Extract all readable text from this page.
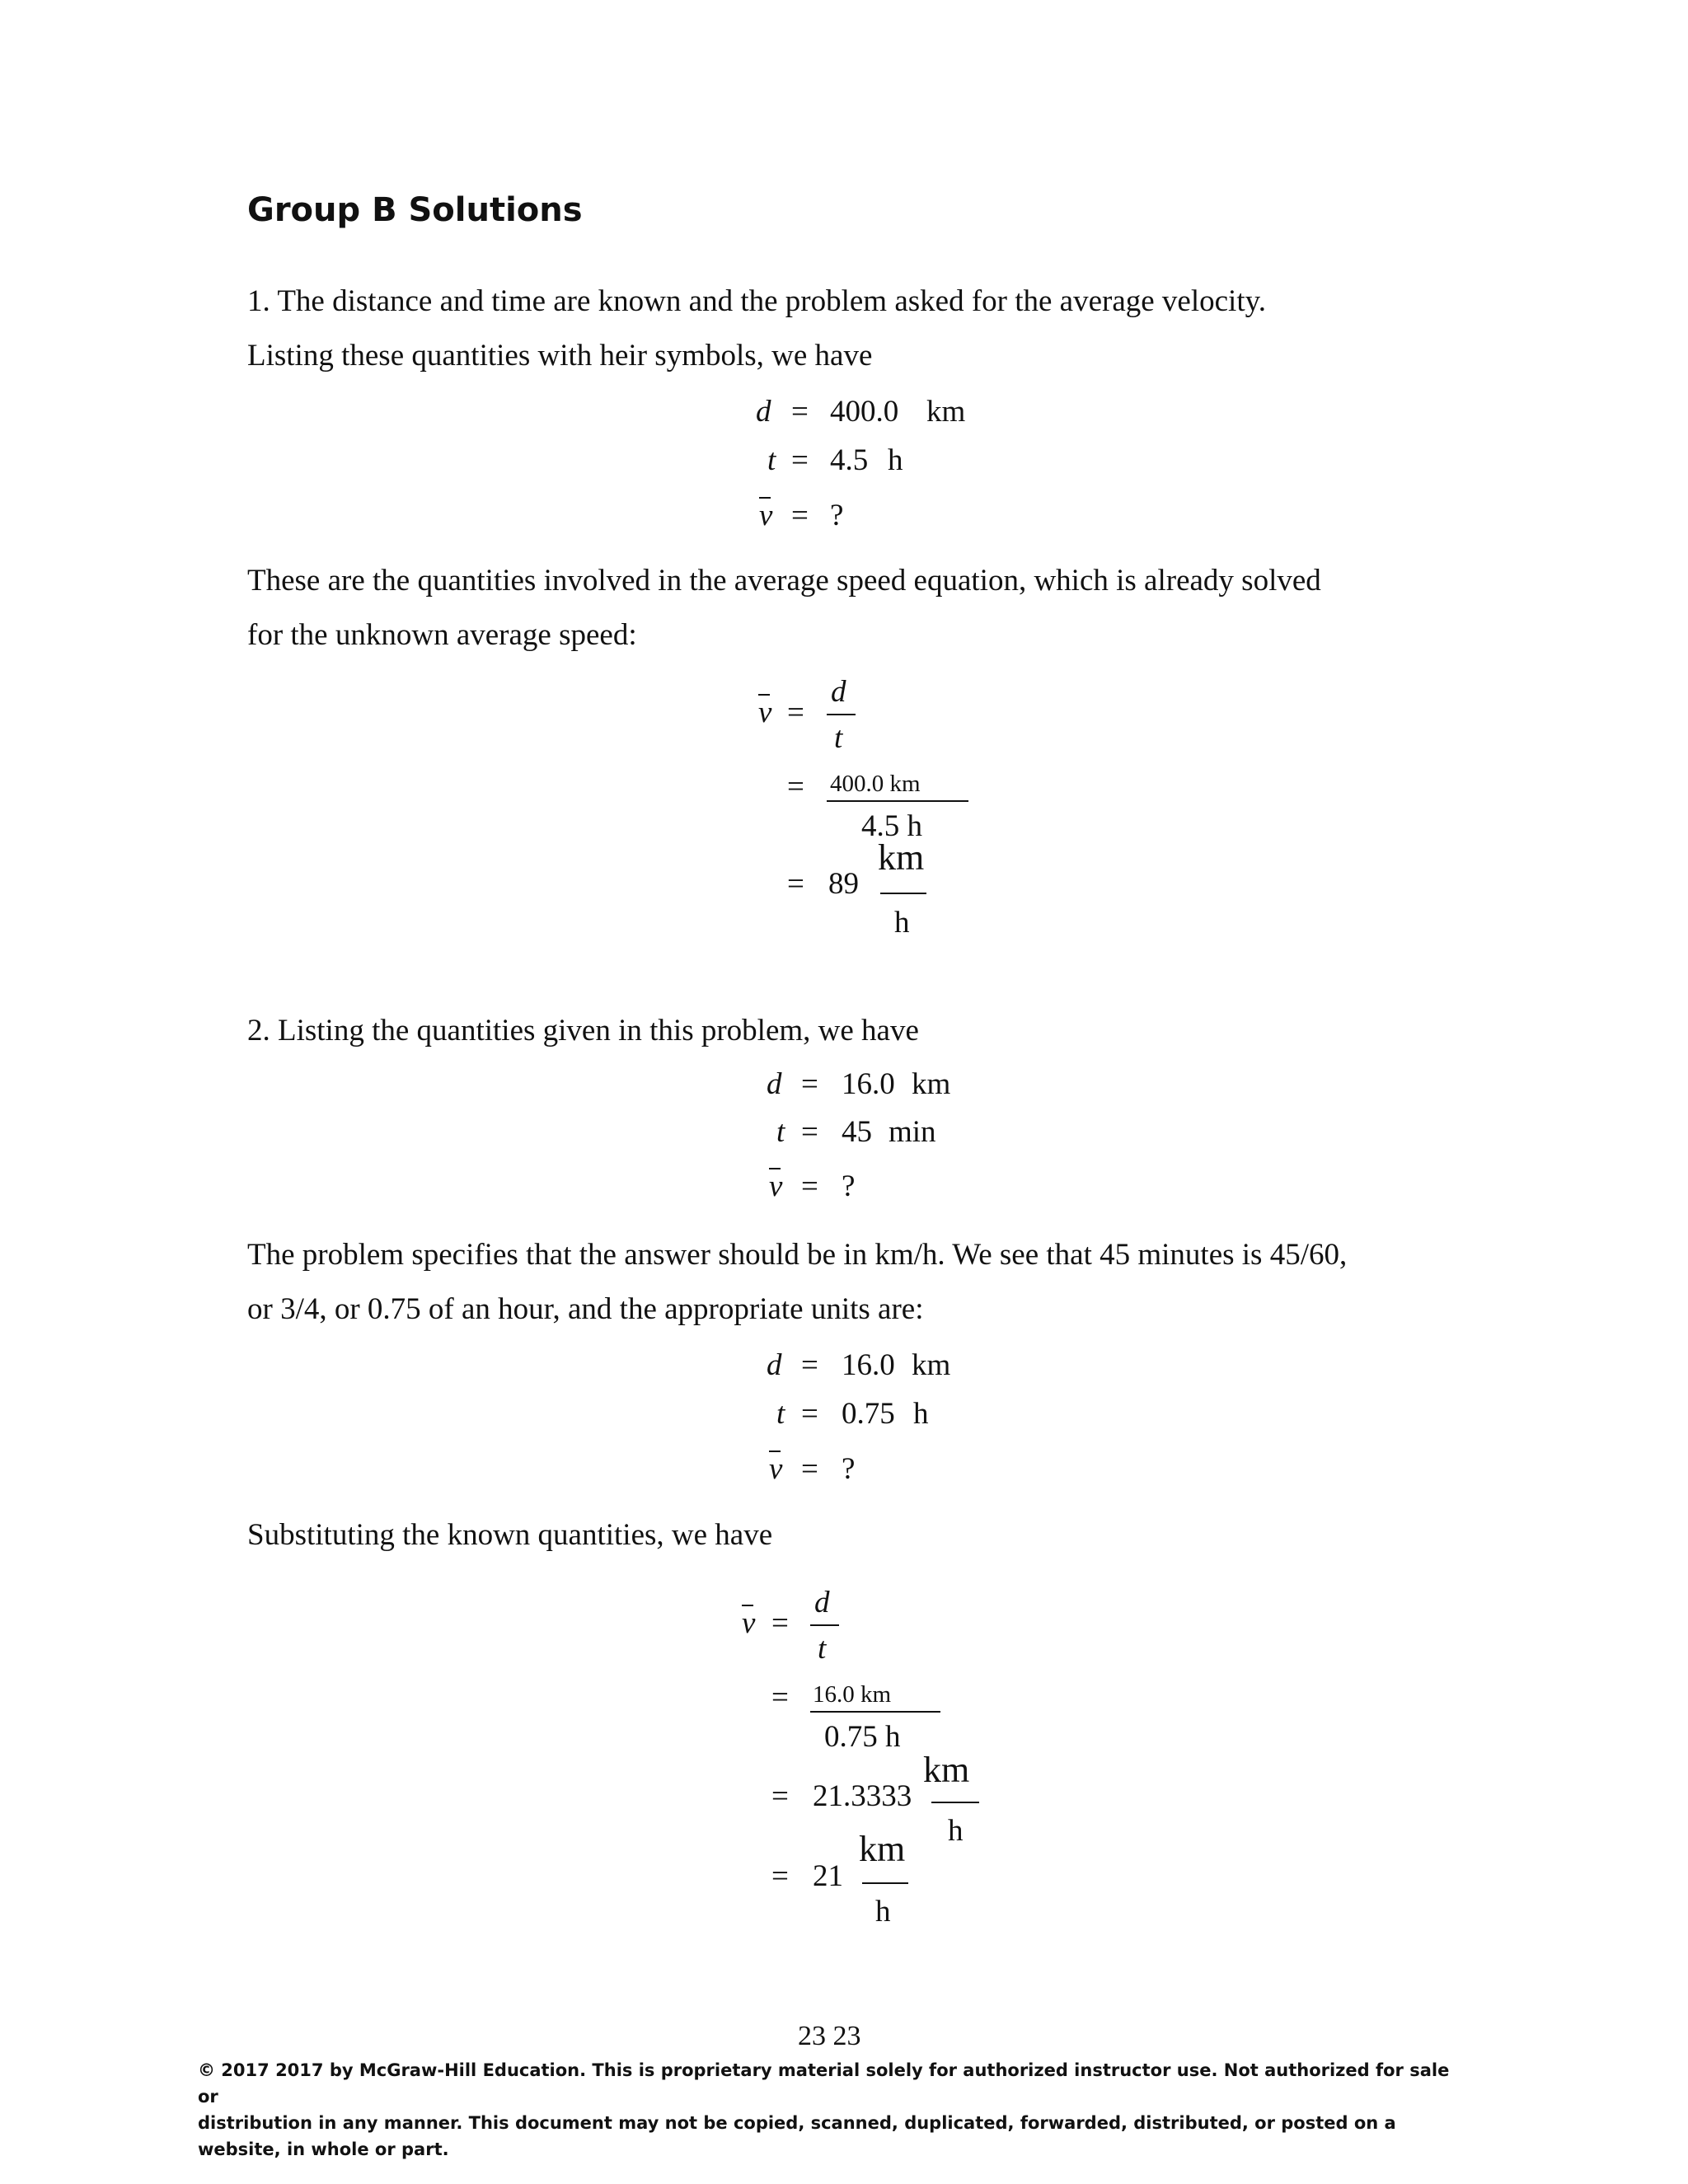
Group B Solutions
1. The distance and time are known and the problem asked for the average velocity.
Listing these quantities with heir symbols, we have
d = 400.0 km
t = 4.5 h
v = ?
These are the quantities involved in the average speed equation, which is already solved
for the unknown average speed:
v =
d
t
= 400.0 km
4.5 h
= 89
km
h
2. Listing the quantities given in this problem, we have
d = 16.0 km
t = 45 min
v = ?
The problem specifies that the answer should be in km/h. We see that 45 minutes is 45/60,
or 3/4, or 0.75 of an hour, and the appropriate units are:
d = 16.0 km
t = 0.75 h
v = ?
Substituting the known quantities, we have
v =
d
t
= 16.0 km
0.75 h
= 21.3333
km
h
= 21
km
h
23 23
© 2017 2017 by McGraw-Hill Education. This is proprietary material solely for authorized instructor use. Not authorized for sale or
distribution in any manner. This document may not be copied, scanned, duplicated, forwarded, distributed, or posted on a
website, in whole or part.
